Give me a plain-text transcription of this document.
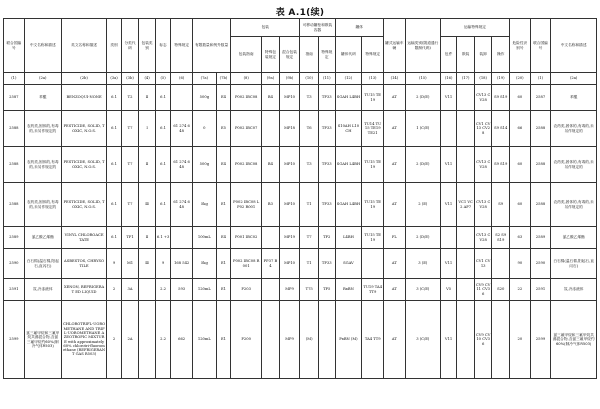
表 A.1(续)
联合国编号	中文名称和描述	英文名称和描述	类别	分类代码	包装类别	标志	特殊规定	有限数量和例外数量		包装			可移动罐柜和散装容器		罐体		罐式运输车辆	运输类别(隧道通行限制代码)	运输特殊规定				危险性识别号	联合国编号	中文名称和描述
										包装指南	特殊包装规定	混合包装规定	指南	特殊规定	罐体代码	特殊规定			包件	散装	装卸	操作			
(1)	(2a)	(2b)	(3a)	(3b)	(4)	(5)	(6)	(7a)	(7b)	(8)	(9a)	(9b)	(10)	(11)	(12)	(13)	(14)	(15)	(16)	(17)	(18)	(19)	(20)	(1)	(2a)
2587	苯醌	BENZOQUI-NONE	6.1	T2	Ⅱ	6.1		500g	E4	P002 IBC08	B4	MP10	T3	TP33	SGAH L4BH	TU15 TE19	AT	2 (D/E)	V11		CV13 CV28	S9 S19	60	2587	苯醌
2588	农药类,固体的,有毒的,未另作规定的	PESTICIDE, SOLID, TOXIC, N.O.S.	6.1	T7	Ⅰ	6.1	61 274 648	0	E5	P002 IBC07		MP18	T6	TP33	S10AH L10CH	TU14 TU15 TE19 TE21	AT	1 (C/E)			CV1 CV13 CV28	S9 S14	66	2588	农药类,固体的,有毒的,未另作规定的
2588	农药类,固体的,有毒的,未另作规定的	PESTICIDE, SOLID, TOXIC, N.O.S.	6.1	T7	Ⅱ	6.1	61 274 648	500g	E4	P002 IBC08	B4	MP10	T3	TP33	SGAH L4BH	TU15 TE19	AT	2 (D/E)	V11		CV13 CV28	S9 S19	60	2588	农药类,固体的,有毒的,未另作规定的
2588	农药类,固体的,有毒的,未另作规定的	PESTICIDE, SOLID, TOXIC, N.O.S.	6.1	T7	Ⅲ	6.1	61 274 648	5kg	E1	P002 IBC08 LP02 R001	B3	MP10	T1	TP33	SGAH L4BH	TU15 TE19	AT	2 (E)	V11	VC1 VC2 AP7	CV13 CV28	S9	60	2588	农药类,固体的,有毒的,未另作规定的
2589	氯乙酸乙烯酯	VINYL CHLOROACE TATE	6.1	TF1	Ⅱ	6.1 +3		100mL	E4	P001 IBC02		MP19	T7	TP2	L4BH	TU15 TE19	FL	2 (D/E)			CV13 CV28	S2 S9 S19	63	2589	氯乙酸乙烯酯
2590	白石棉(温石棉,阳起石,直闪石)	ASBESTOS, CHRYSOTILE	9	M1	Ⅲ	9	168 542	5kg	E1	P002 IBC08 R001	PP37 B4	MP10	T1	TP33	SGAV		AT	3 (E)	V11		CV1 CV13		90	2590	白石棉(温石棉,阳起石,直闪石)
2591	氙,冷冻液体	XENON, REFRIGERAT ED LIQUID	2	3A		2.2	593	120mL	E1	P203		MP9	T75	TP5	RxBN	TU19 TA4 TT9	AT	3 (C/E)	V5		CV9 CV11 CV36	S20	22	2591	氙,冷冻液体
2599	氯三氟甲烷和三氟甲烷共沸混合物,含氯三氟甲烷约60%(制冷气体R503)	CHLOROTRIFL-UOROMETHANE AND TRIFL-UOROMETHANE AZEOTROPIC MIXTURE with approximately 60% chlorotri-fluoromethane (REFRIGERANT GAS R503)	2	2A		2.2	662	120mL	E1	P200		MP9	(M)		PxBN (M)	TA4 TT9	AT	3 (C/E)	V11		CV9 CV10 CV36		20	2599	氯三氟甲烷和三氟甲烷共沸混合物,含氯三氟甲烷约60%(制冷气体R503)
